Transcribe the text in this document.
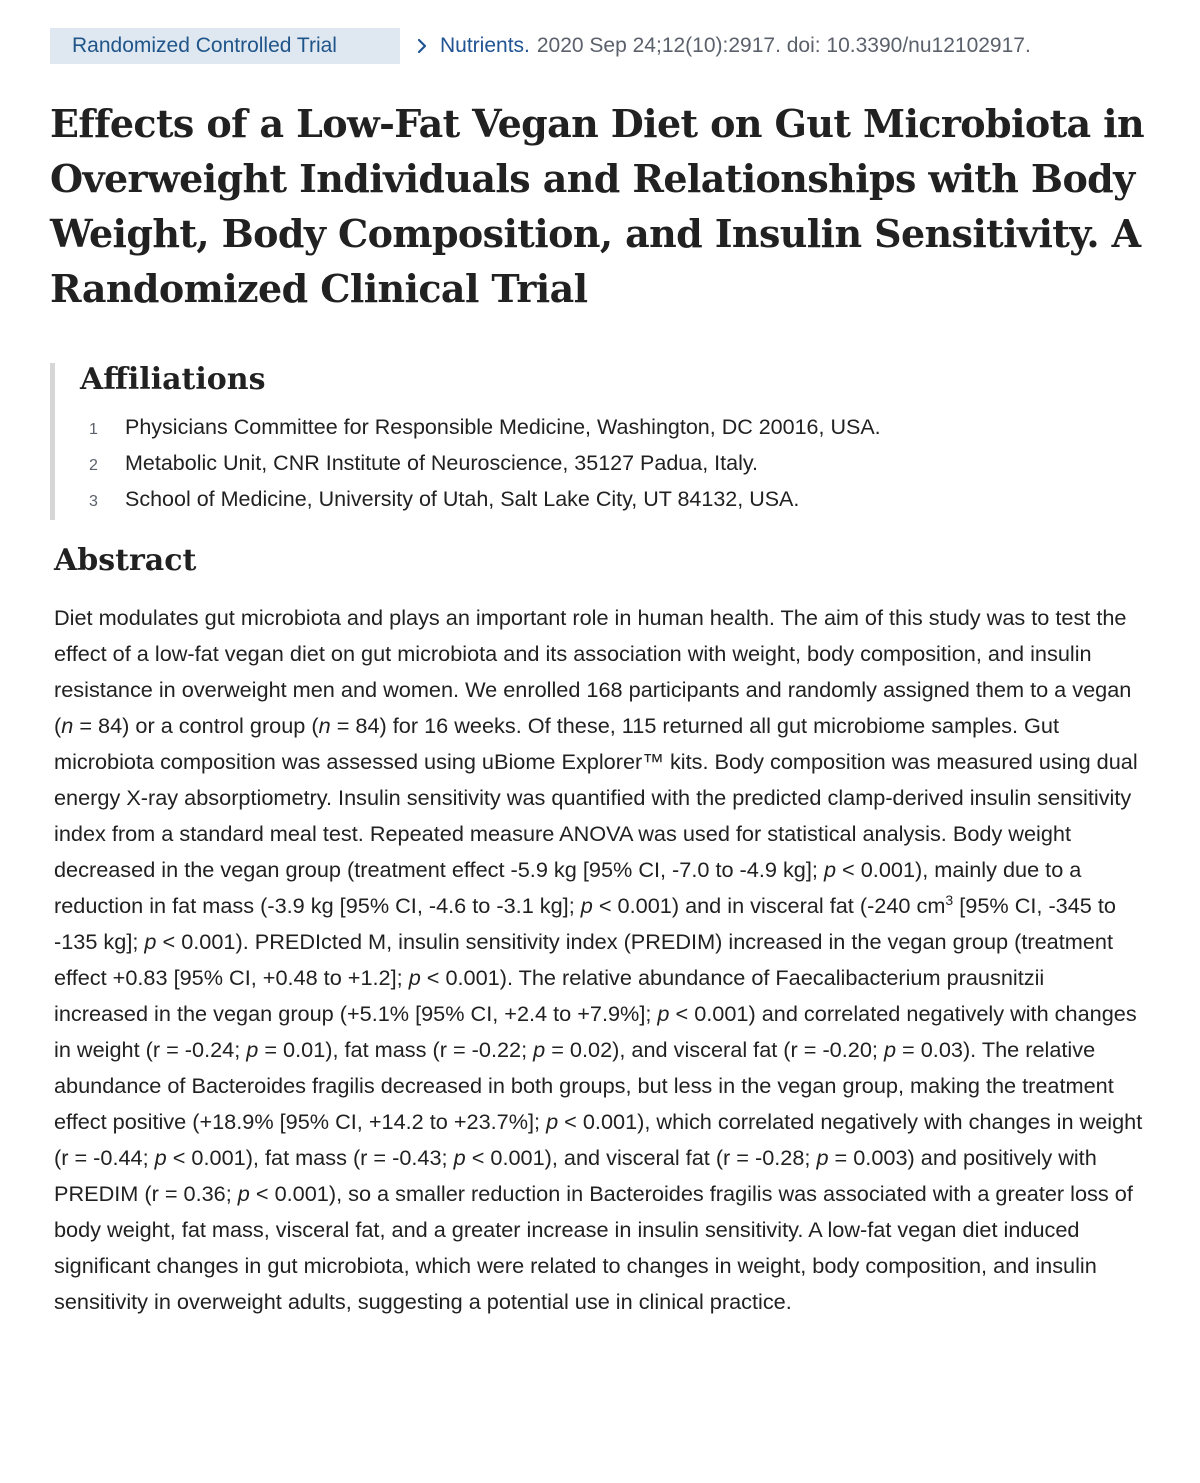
Randomized Controlled Trial	Nutrients. 2020 Sep 24;12(10):2917. doi: 10.3390/nu12102917.
Effects of a Low-Fat Vegan Diet on Gut Microbiota in Overweight Individuals and Relationships with Body Weight, Body Composition, and Insulin Sensitivity. A Randomized Clinical Trial
Affiliations
1	Physicians Committee for Responsible Medicine, Washington, DC 20016, USA.
2	Metabolic Unit, CNR Institute of Neuroscience, 35127 Padua, Italy.
3	School of Medicine, University of Utah, Salt Lake City, UT 84132, USA.
Abstract

Diet modulates gut microbiota and plays an important role in human health. The aim of this study was to test the effect of a low-fat vegan diet on gut microbiota and its association with weight, body composition, and insulin resistance in overweight men and women. We enrolled 168 participants and randomly assigned them to a vegan (n = 84) or a control group (n = 84) for 16 weeks. Of these, 115 returned all gut microbiome samples. Gut microbiota composition was assessed using uBiome Explorer™ kits. Body composition was measured using dual energy X-ray absorptiometry. Insulin sensitivity was quantified with the predicted clamp-derived insulin sensitivity index from a standard meal test. Repeated measure ANOVA was used for statistical analysis. Body weight decreased in the vegan group (treatment effect -5.9 kg [95% CI, -7.0 to -4.9 kg]; p < 0.001), mainly due to a reduction in fat mass (-3.9 kg [95% CI, -4.6 to -3.1 kg]; p < 0.001) and in visceral fat (-240 $cm^3$ [95% CI, -345 to -135 kg]; p < 0.001). PREDIcted M, insulin sensitivity index (PREDIM) increased in the vegan group (treatment effect +0.83 [95% CI, +0.48 to +1.2]; p < 0.001). The relative abundance of Faecalibacterium prausnitzii increased in the vegan group (+5.1% [95% CI, +2.4 to +7.9%]; p < 0.001) and correlated negatively with changes in weight (r = -0.24; p = 0.01), fat mass (r = -0.22; p = 0.02), and visceral fat (r = -0.20; p = 0.03). The relative abundance of Bacteroides fragilis decreased in both groups, but less in the vegan group, making the treatment effect positive (+18.9% [95% CI, +14.2 to +23.7%]; p < 0.001), which correlated negatively with changes in weight (r = -0.44; p < 0.001), fat mass (r = -0.43; p < 0.001), and visceral fat (r = -0.28; p = 0.003) and positively with PREDIM (r = 0.36; p < 0.001), so a smaller reduction in Bacteroides fragilis was associated with a greater loss of body weight, fat mass, visceral fat, and a greater increase in insulin sensitivity. A low-fat vegan diet induced significant changes in gut microbiota, which were related to changes in weight, body composition, and insulin sensitivity in overweight adults, suggesting a potential use in clinical practice.
